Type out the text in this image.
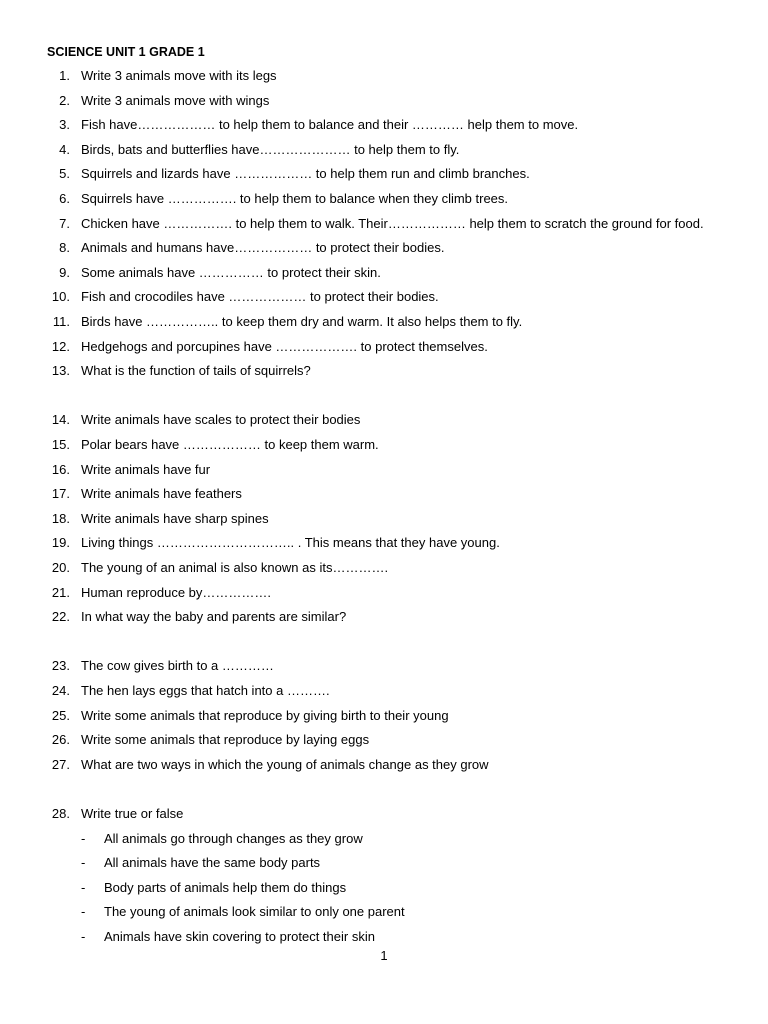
SCIENCE UNIT 1 GRADE 1
1. Write 3 animals move with its legs
2. Write 3 animals move with wings
3. Fish have……………… to help them to balance and their ………… help them to move.
4. Birds, bats and butterflies have………………… to help them to fly.
5. Squirrels and lizards have ……………… to help them run and climb branches.
6. Squirrels have ……………. to help them to balance when they climb trees.
7. Chicken have ……………. to help them to walk. Their……………… help them to scratch the ground for food.
8. Animals and humans have……………… to protect their bodies.
9. Some animals have …………… to protect their skin.
10. Fish and crocodiles have ……………… to protect their bodies.
11. Birds have …………….. to keep them dry and warm. It also helps them to fly.
12. Hedgehogs and porcupines have ………………. to protect themselves.
13. What is the function of tails of squirrels?
14. Write animals have scales to protect their bodies
15. Polar bears have ……………… to keep them warm.
16. Write animals have fur
17. Write animals have feathers
18. Write animals have sharp spines
19. Living things ………………………….. . This means that they have young.
20. The young of an animal is also known as its………….
21. Human reproduce by…………….
22. In what way the baby and parents are similar?
23. The cow gives birth to a …………
24. The hen lays eggs that hatch into a ……….
25. Write some animals that reproduce by giving birth to their young
26. Write some animals that reproduce by laying eggs
27. What are two ways in which the young of animals change as they grow
28. Write true or false
- All animals go through changes as they grow
- All animals have the same body parts
- Body parts of animals help them do things
- The young of animals look similar to only one parent
- Animals have skin covering to protect their skin
1
